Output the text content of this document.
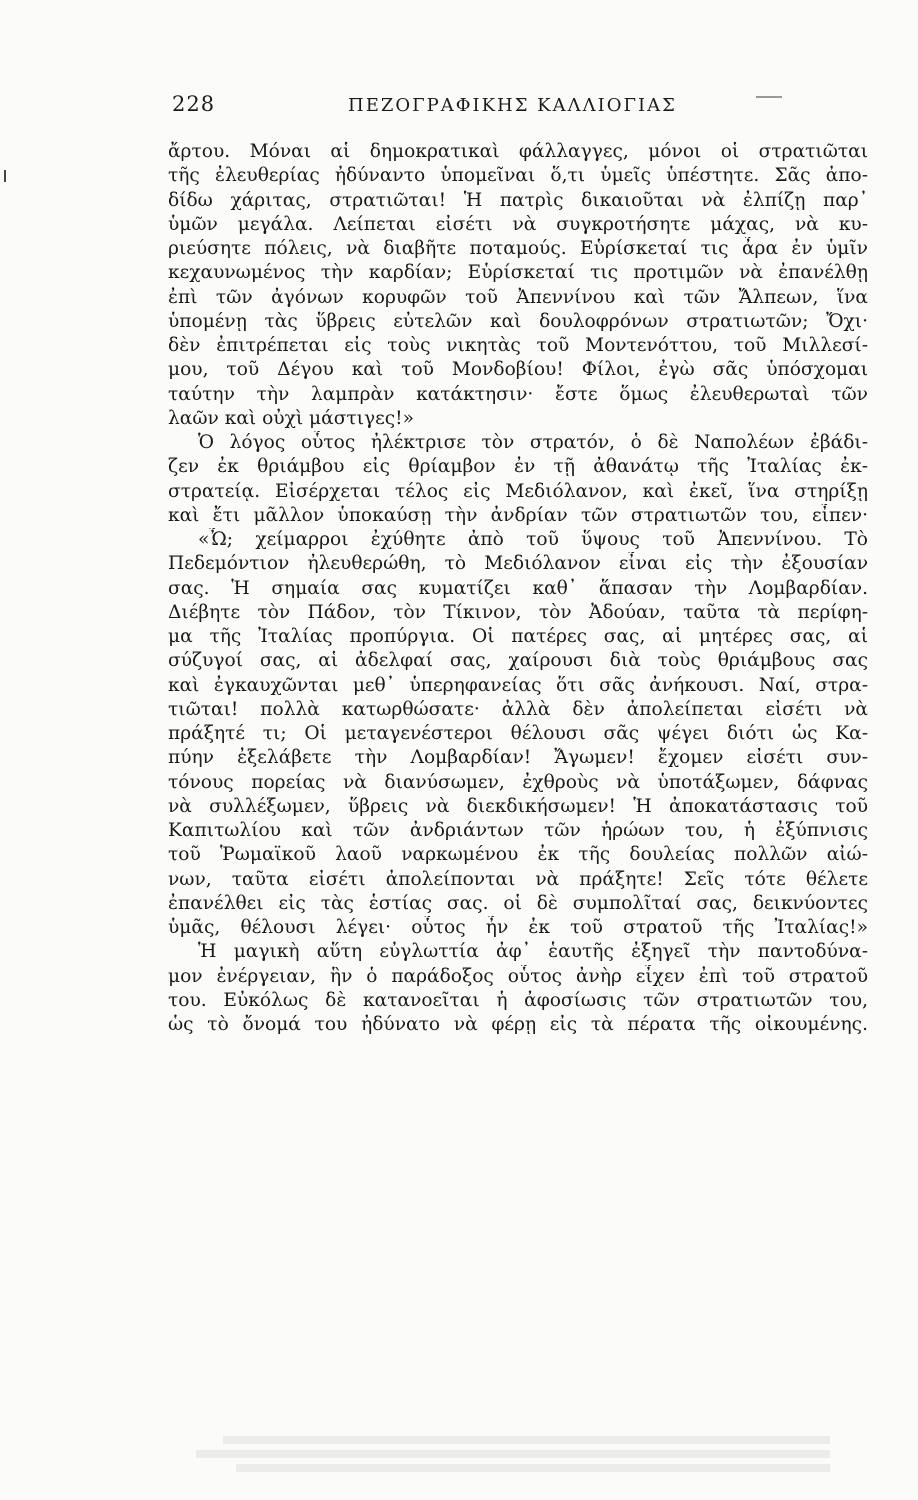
228	ΠΕΖΟΓΡΑΦΙΚΗΣ ΚΑΛΛΙΟΓΙΑΣ
ἄρτου. Μόναι αἱ δημοκρατικαὶ φάλλαγγες, μόνοι οἱ στρατιῶται
τῆς ἐλευθερίας ἠδύναντο ὑπομεῖναι ὅ,τι ὑμεῖς ὑπέστητε. Σᾶς ἀπο-
δίδω χάριτας, στρατιῶται! Ἡ πατρὶς δικαιοῦται νὰ ἐλπίζῃ παρ᾽
ὑμῶν μεγάλα. Λείπεται εἰσέτι νὰ συγκροτήσητε μάχας, νὰ κυ-
ριεύσητε πόλεις, νὰ διαβῆτε ποταμούς. Εὑρίσκεταί τις ἆρα ἐν ὑμῖν
κεχαυνωμένος τὴν καρδίαν; Εὑρίσκεταί τις προτιμῶν νὰ ἐπανέλθῃ
ἐπὶ τῶν ἀγόνων κορυφῶν τοῦ Ἀπεννίνου καὶ τῶν Ἄλπεων, ἵνα
ὑπομένῃ τὰς ὕβρεις εὐτελῶν καὶ δουλοφρόνων στρατιωτῶν; Ὄχι·
δὲν ἐπιτρέπεται εἰς τοὺς νικητὰς τοῦ Μοντενόττου, τοῦ Μιλλεσί-
μου, τοῦ Δέγου καὶ τοῦ Μονδοβίου! Φίλοι, ἐγὼ σᾶς ὑπόσχομαι
ταύτην τὴν λαμπρὰν κατάκτησιν· ἔστε ὅμως ἐλευθερωταὶ τῶν
λαῶν καὶ οὐχὶ μάστιγες!»
Ὁ λόγος οὗτος ἠλέκτρισε τὸν στρατόν, ὁ δὲ Ναπολέων ἐβάδι-
ζεν ἐκ θριάμβου εἰς θρίαμβον ἐν τῇ ἀθανάτῳ τῆς Ἰταλίας ἐκ-
στρατείᾳ. Εἰσέρχεται τέλος εἰς Μεδιόλανον, καὶ ἐκεῖ, ἵνα στηρίξῃ
καὶ ἔτι μᾶλλον ὑποκαύσῃ τὴν ἀνδρίαν τῶν στρατιωτῶν του, εἶπεν·
«Ὦ; χείμαρροι ἐχύθητε ἀπὸ τοῦ ὕψους τοῦ Ἀπεννίνου. Τὸ
Πεδεμόντιον ἠλευθερώθη, τὸ Μεδιόλανον εἶναι εἰς τὴν ἐξουσίαν
σας. Ἡ σημαία σας κυματίζει καθ᾽ ἅπασαν τὴν Λομβαρδίαν.
Διέβητε τὸν Πάδον, τὸν Τίκινον, τὸν Ἀδούαν, ταῦτα τὰ περίφη-
μα τῆς Ἰταλίας προπύργια. Οἱ πατέρες σας, αἱ μητέρες σας, αἱ
σύζυγοί σας, αἱ ἀδελφαί σας, χαίρουσι διὰ τοὺς θριάμβους σας
καὶ ἐγκαυχῶνται μεθ᾽ ὑπερηφανείας ὅτι σᾶς ἀνήκουσι. Ναί, στρα-
τιῶται! πολλὰ κατωρθώσατε· ἀλλὰ δὲν ἀπολείπεται εἰσέτι νὰ
πράξητέ τι; Οἱ μεταγενέστεροι θέλουσι σᾶς ψέγει διότι ὡς Κα-
πύην ἐξελάβετε τὴν Λομβαρδίαν! Ἄγωμεν! ἔχομεν εἰσέτι συν-
τόνους πορείας νὰ διανύσωμεν, ἐχθροὺς νὰ ὑποτάξωμεν, δάφνας
νὰ συλλέξωμεν, ὕβρεις νὰ διεκδικήσωμεν! Ἡ ἀποκατάστασις τοῦ
Καπιτωλίου καὶ τῶν ἀνδριάντων τῶν ἡρώων του, ἡ ἐξύπνισις
τοῦ Ῥωμαϊκοῦ λαοῦ ναρκωμένου ἐκ τῆς δουλείας πολλῶν αἰώ-
νων, ταῦτα εἰσέτι ἀπολείπονται νὰ πράξητε! Σεῖς τότε θέλετε
ἐπανέλθει εἰς τὰς ἑστίας σας. οἱ δὲ συμπολῖταί σας, δεικνύοντες
ὑμᾶς, θέλουσι λέγει· οὗτος ἦν ἐκ τοῦ στρατοῦ τῆς Ἰταλίας!»
Ἡ μαγικὴ αὕτη εὐγλωττία ἀφ᾽ ἑαυτῆς ἐξηγεῖ τὴν παντοδύνα-
μον ἐνέργειαν, ἣν ὁ παράδοξος οὗτος ἀνὴρ εἶχεν ἐπὶ τοῦ στρατοῦ
του. Εὐκόλως δὲ κατανοεῖται ἡ ἀφοσίωσις τῶν στρατιωτῶν του,
ὡς τὸ ὄνομά του ἠδύνατο νὰ φέρῃ εἰς τὰ πέρατα τῆς οἰκουμένης.
